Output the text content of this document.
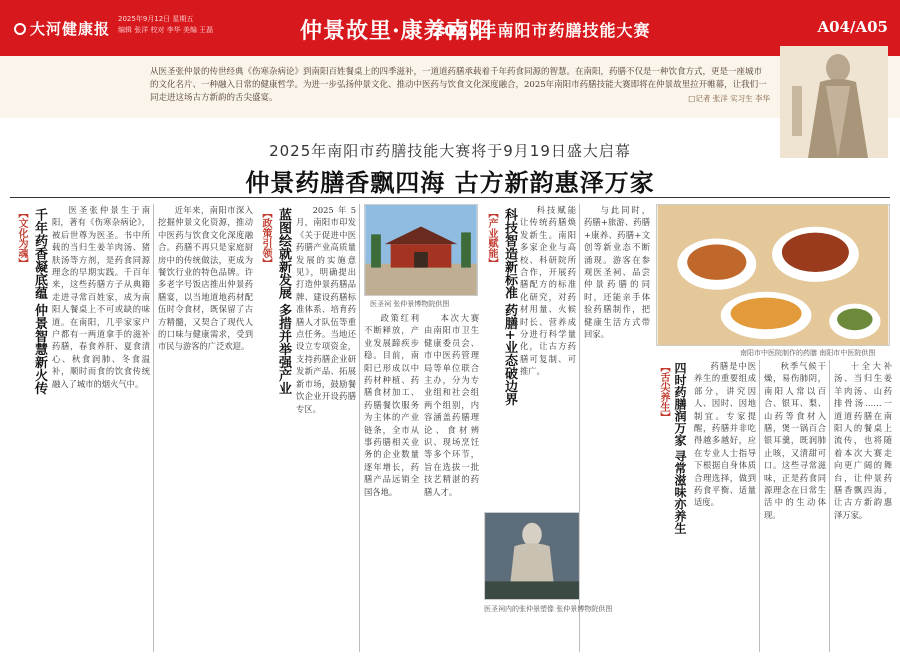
大河健康报
2025年9月12日 星期五
编辑 张洋 校对 李华 美编 王磊	仲景故里·康养南阳
2025年南阳市药膳技能大赛	A04/A05
从医圣张仲景的传世经典《伤寒杂病论》到南阳百姓餐桌上的四季滋补，一道道药膳承载着千年药食同源的智慧。在南阳，药膳不仅是一种饮食方式，更是一座城市的文化名片、一种融入日常的健康哲学。为进一步弘扬仲景文化、推动中医药与饮食文化深度融合，2025年南阳市药膳技能大赛即将在仲景故里拉开帷幕，让我们一同走进这场古方新韵的舌尖盛宴。	□记者 张洋 实习生 李华
2025年南阳市药膳技能大赛将于9月19日盛大启幕
仲景药膳香飘四海 古方新韵惠泽万家
【文化为魂】 千年药香凝底蕴 仲景智慧新火传	医圣张仲景生于南阳，著有《伤寒杂病论》，被后世尊为医圣。书中所载的当归生姜羊肉汤、猪肤汤等方剂，是药食同源理念的早期实践。千百年来，这些药膳方子从典籍走进寻常百姓家，成为南阳人餐桌上不可或缺的味道。在南阳，几乎家家户户都有一两道拿手的滋补药膳，春食养肝、夏食清心、秋食润肺、冬食温补，顺时而食的饮食传统融入了城市的烟火气中。

近年来，南阳市深入挖掘仲景文化资源，推动中医药与饮食文化深度融合。药膳不再只是家庭厨房中的传统做法，更成为餐饮行业的特色品牌。许多老字号饭店推出仲景药膳宴，以当地道地药材配伍时令食材，既保留了古方精髓，又契合了现代人的口味与健康需求，受到市民与游客的广泛欢迎。

【政策引领】 蓝图绘就新发展 多措并举强产业	2025年5月，南阳市印发《关于促进中医药膳产业高质量发展的实施意见》，明确提出打造仲景药膳品牌、建设药膳标准体系、培育药膳人才队伍等重点任务。当地还设立专项资金，支持药膳企业研发新产品、拓展新市场，鼓励餐饮企业开设药膳专区。

医圣祠 张仲景博物院供图

政策红利不断释放，产业发展蹄疾步稳。目前，南阳已形成以中药材种植、药膳食材加工、药膳餐饮服务为主体的产业链条，全市从事药膳相关业务的企业数量逐年增长，药膳产品远销全国各地。

本次大赛由南阳市卫生健康委员会、市中医药管理局等单位联合主办，分为专业组和社会组两个组别，内容涵盖药膳理论、食材辨识、现场烹饪等多个环节，旨在选拔一批技艺精湛的药膳人才。

【产业赋能】 科技智造新标准 药膳+业态破边界	科技赋能让传统药膳焕发新生。南阳多家企业与高校、科研院所合作，开展药膳配方的标准化研究，对药材用量、火候时长、营养成分进行科学量化，让古方药膳可复制、可推广。

与此同时，药膳+旅游、药膳+康养、药膳+文创等新业态不断涌现。游客在参观医圣祠、品尝仲景药膳的同时，还能亲手体验药膳制作，把健康生活方式带回家。

医圣祠内的张仲景塑像 张仲景博物院供图
南阳市中医院制作的药膳 南阳市中医院供图
【舌尖养生】 四时药膳润万家 寻常滋味亦养生	药膳是中医养生的重要组成部分，讲究因人、因时、因地制宜。专家提醒，药膳并非吃得越多越好，应在专业人士指导下根据自身体质合理选择，做到药食平衡、适量适度。

秋季气候干燥，易伤肺阴，南阳人常以百合、银耳、梨、山药等食材入膳，煲一锅百合银耳羹，既润肺止咳，又清甜可口。这些寻常滋味，正是药食同源理念在日常生活中的生动体现。

十全大补汤、当归生姜羊肉汤、山药排骨汤……一道道药膳在南阳人的餐桌上流传，也将随着本次大赛走向更广阔的舞台，让仲景药膳香飘四海，让古方新韵惠泽万家。
